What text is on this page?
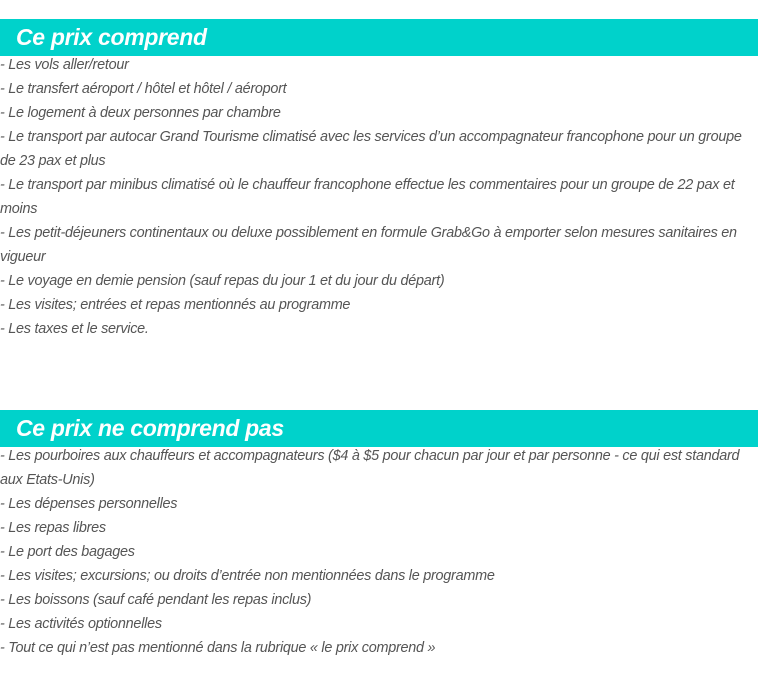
Ce prix comprend
- Les vols aller/retour
- Le transfert aéroport / hôtel et hôtel / aéroport
- Le logement à deux personnes par chambre
- Le transport par autocar Grand Tourisme climatisé avec les services d’un accompagnateur francophone pour un groupe de 23 pax et plus
- Le transport par minibus climatisé où le chauffeur francophone effectue les commentaires pour un groupe de 22 pax et moins
- Les petit-déjeuners continentaux ou deluxe possiblement en formule Grab&Go à emporter selon mesures sanitaires en vigueur
- Le voyage en demie pension (sauf repas du jour 1 et du jour du départ)
- Les visites; entrées et repas mentionnés au programme
- Les taxes et le service.
Ce prix ne comprend pas
- Les pourboires aux chauffeurs et accompagnateurs ($4 à $5 pour chacun par jour et par personne - ce qui est standard aux Etats-Unis)
- Les dépenses personnelles
- Les repas libres
- Le port des bagages
- Les visites; excursions; ou droits d’entrée non mentionnées dans le programme
- Les boissons (sauf café pendant les repas inclus)
- Les activités optionnelles
- Tout ce qui n’est pas mentionné dans la rubrique « le prix comprend »
